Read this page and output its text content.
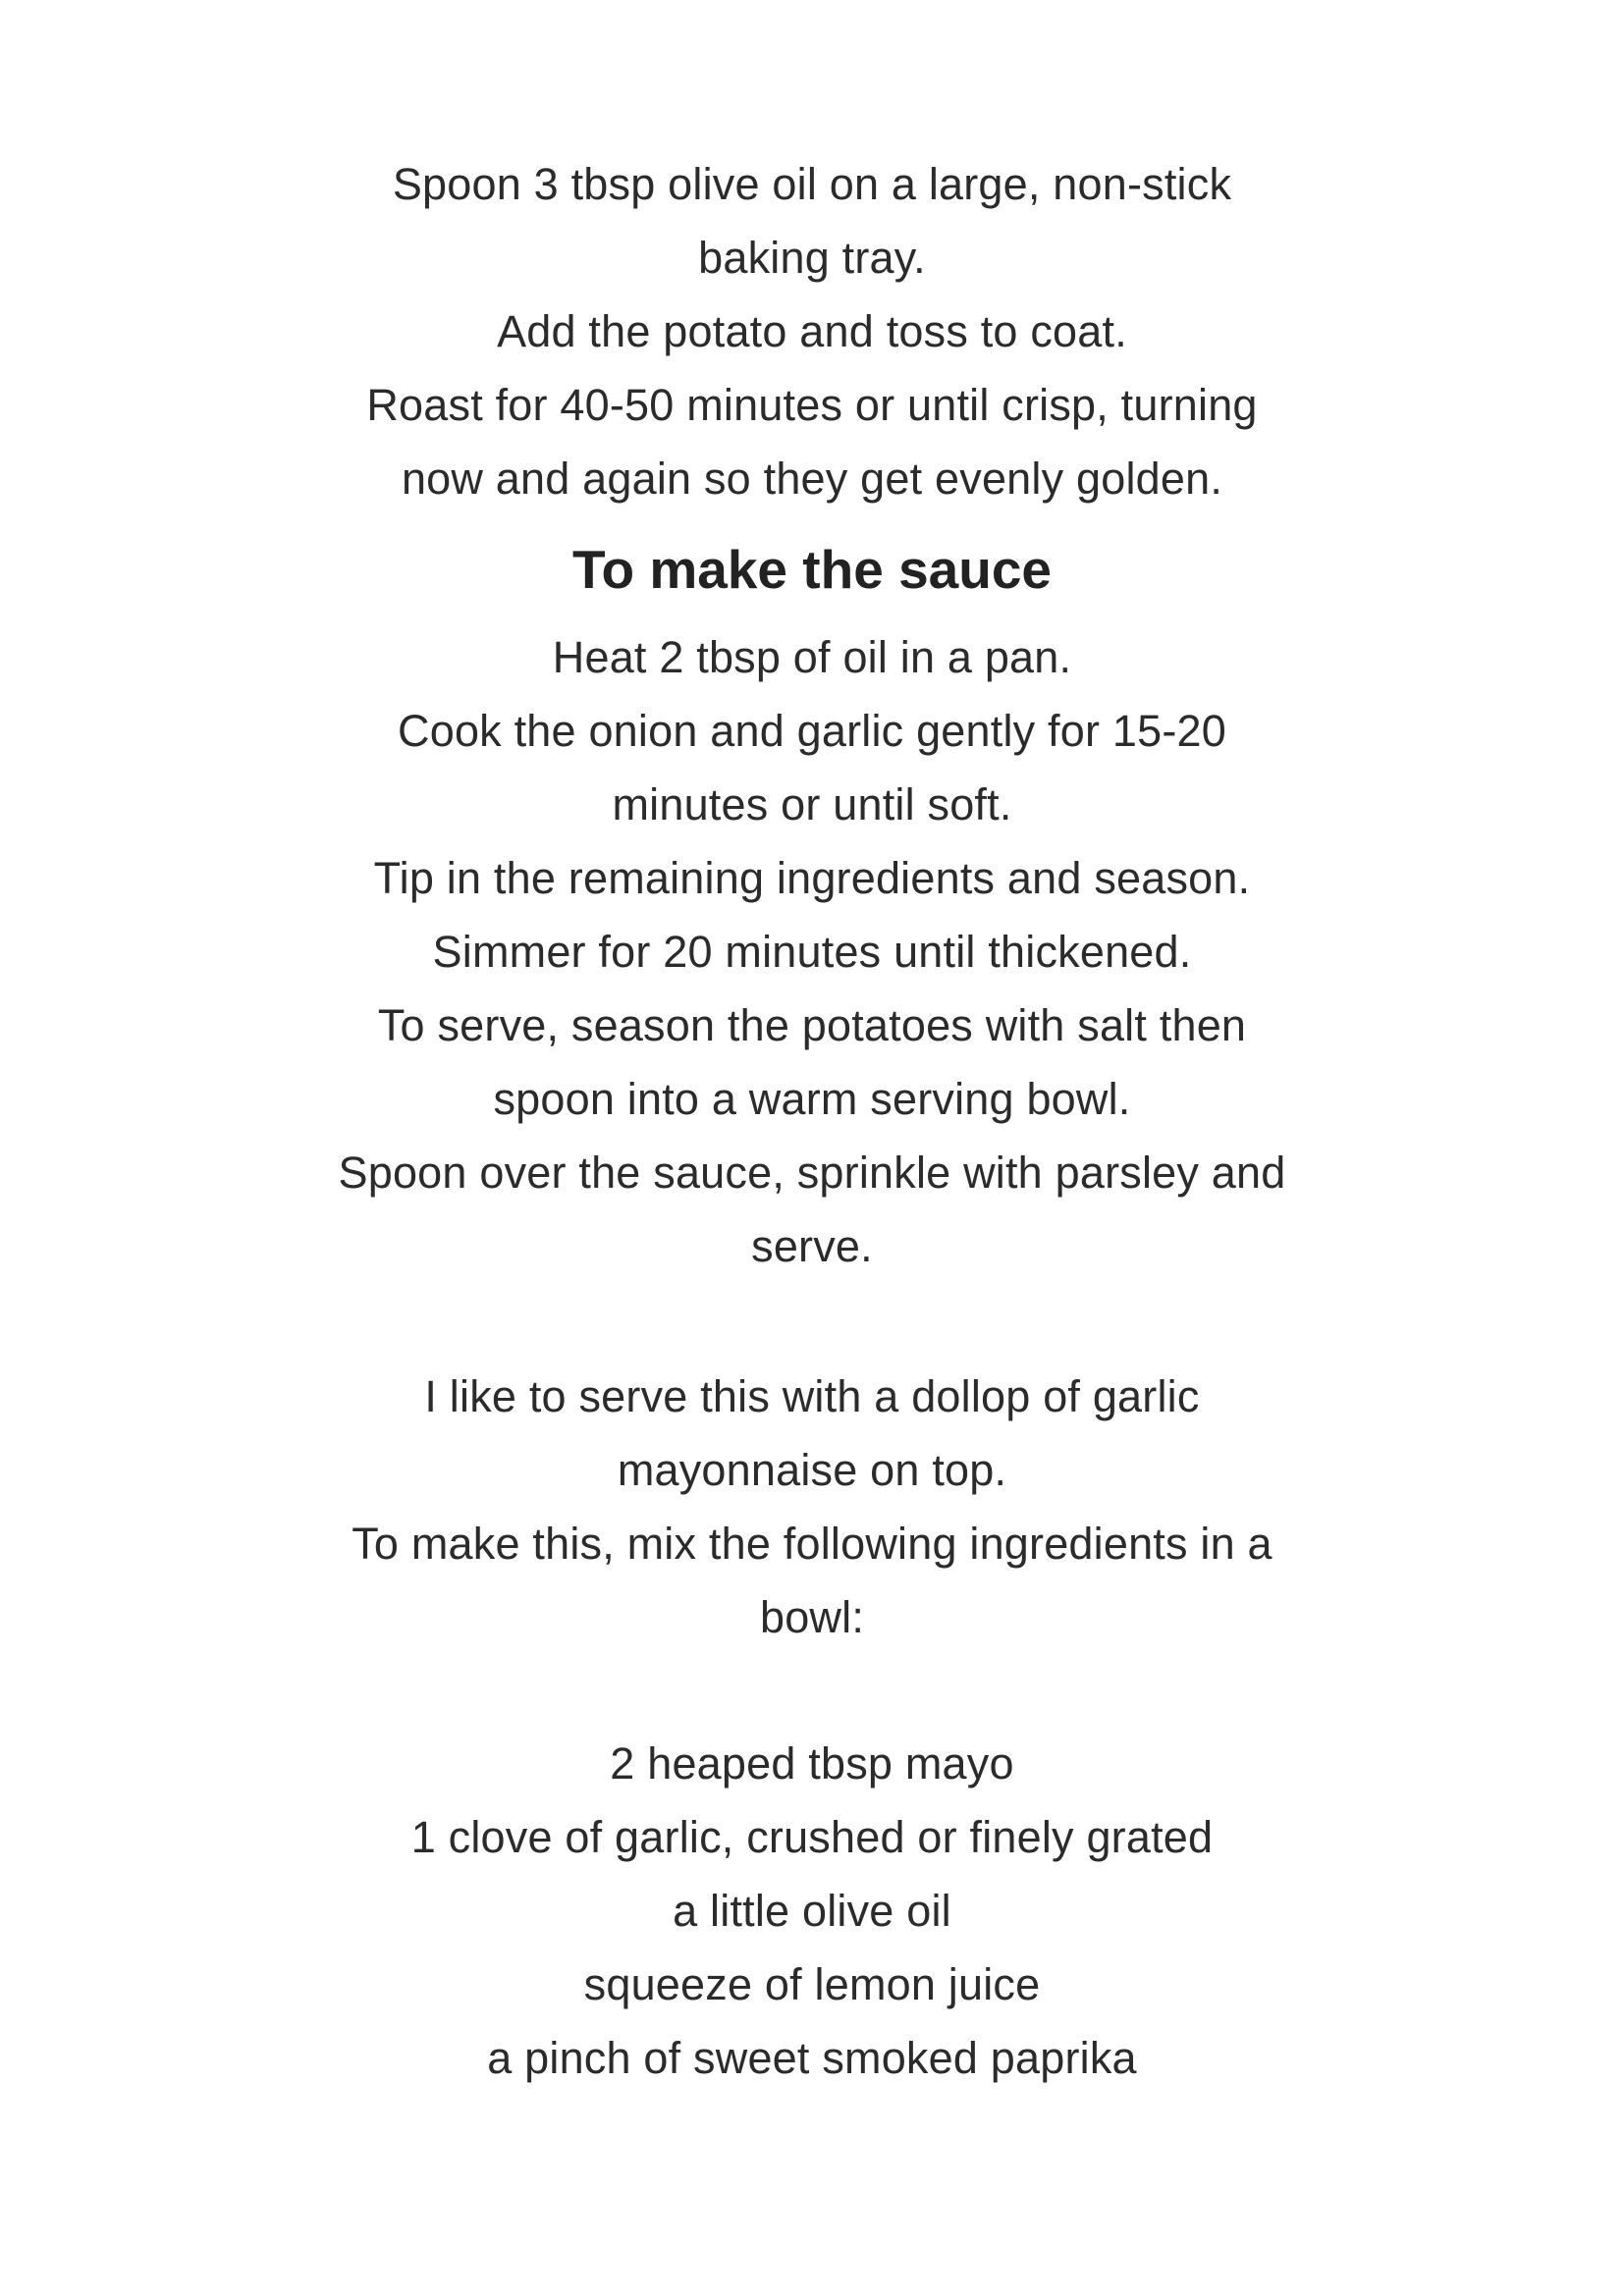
Spoon 3 tbsp olive oil on a large, non-stick

baking tray.

Add the potato and toss to coat.

Roast for 40-50 minutes or until crisp, turning

now and again so they get evenly golden.

To make the sauce

Heat 2 tbsp of oil in a pan.

Cook the onion and garlic gently for 15-20

minutes or until soft.

Tip in the remaining ingredients and season.

Simmer for 20 minutes until thickened.

To serve, season the potatoes with salt then

spoon into a warm serving bowl.

Spoon over the sauce, sprinkle with parsley and

serve.

I like to serve this with a dollop of garlic

mayonnaise on top.

To make this, mix the following ingredients in a

bowl:

2 heaped tbsp mayo

1 clove of garlic, crushed or finely grated

a little olive oil

squeeze of lemon juice

a pinch of sweet smoked paprika
